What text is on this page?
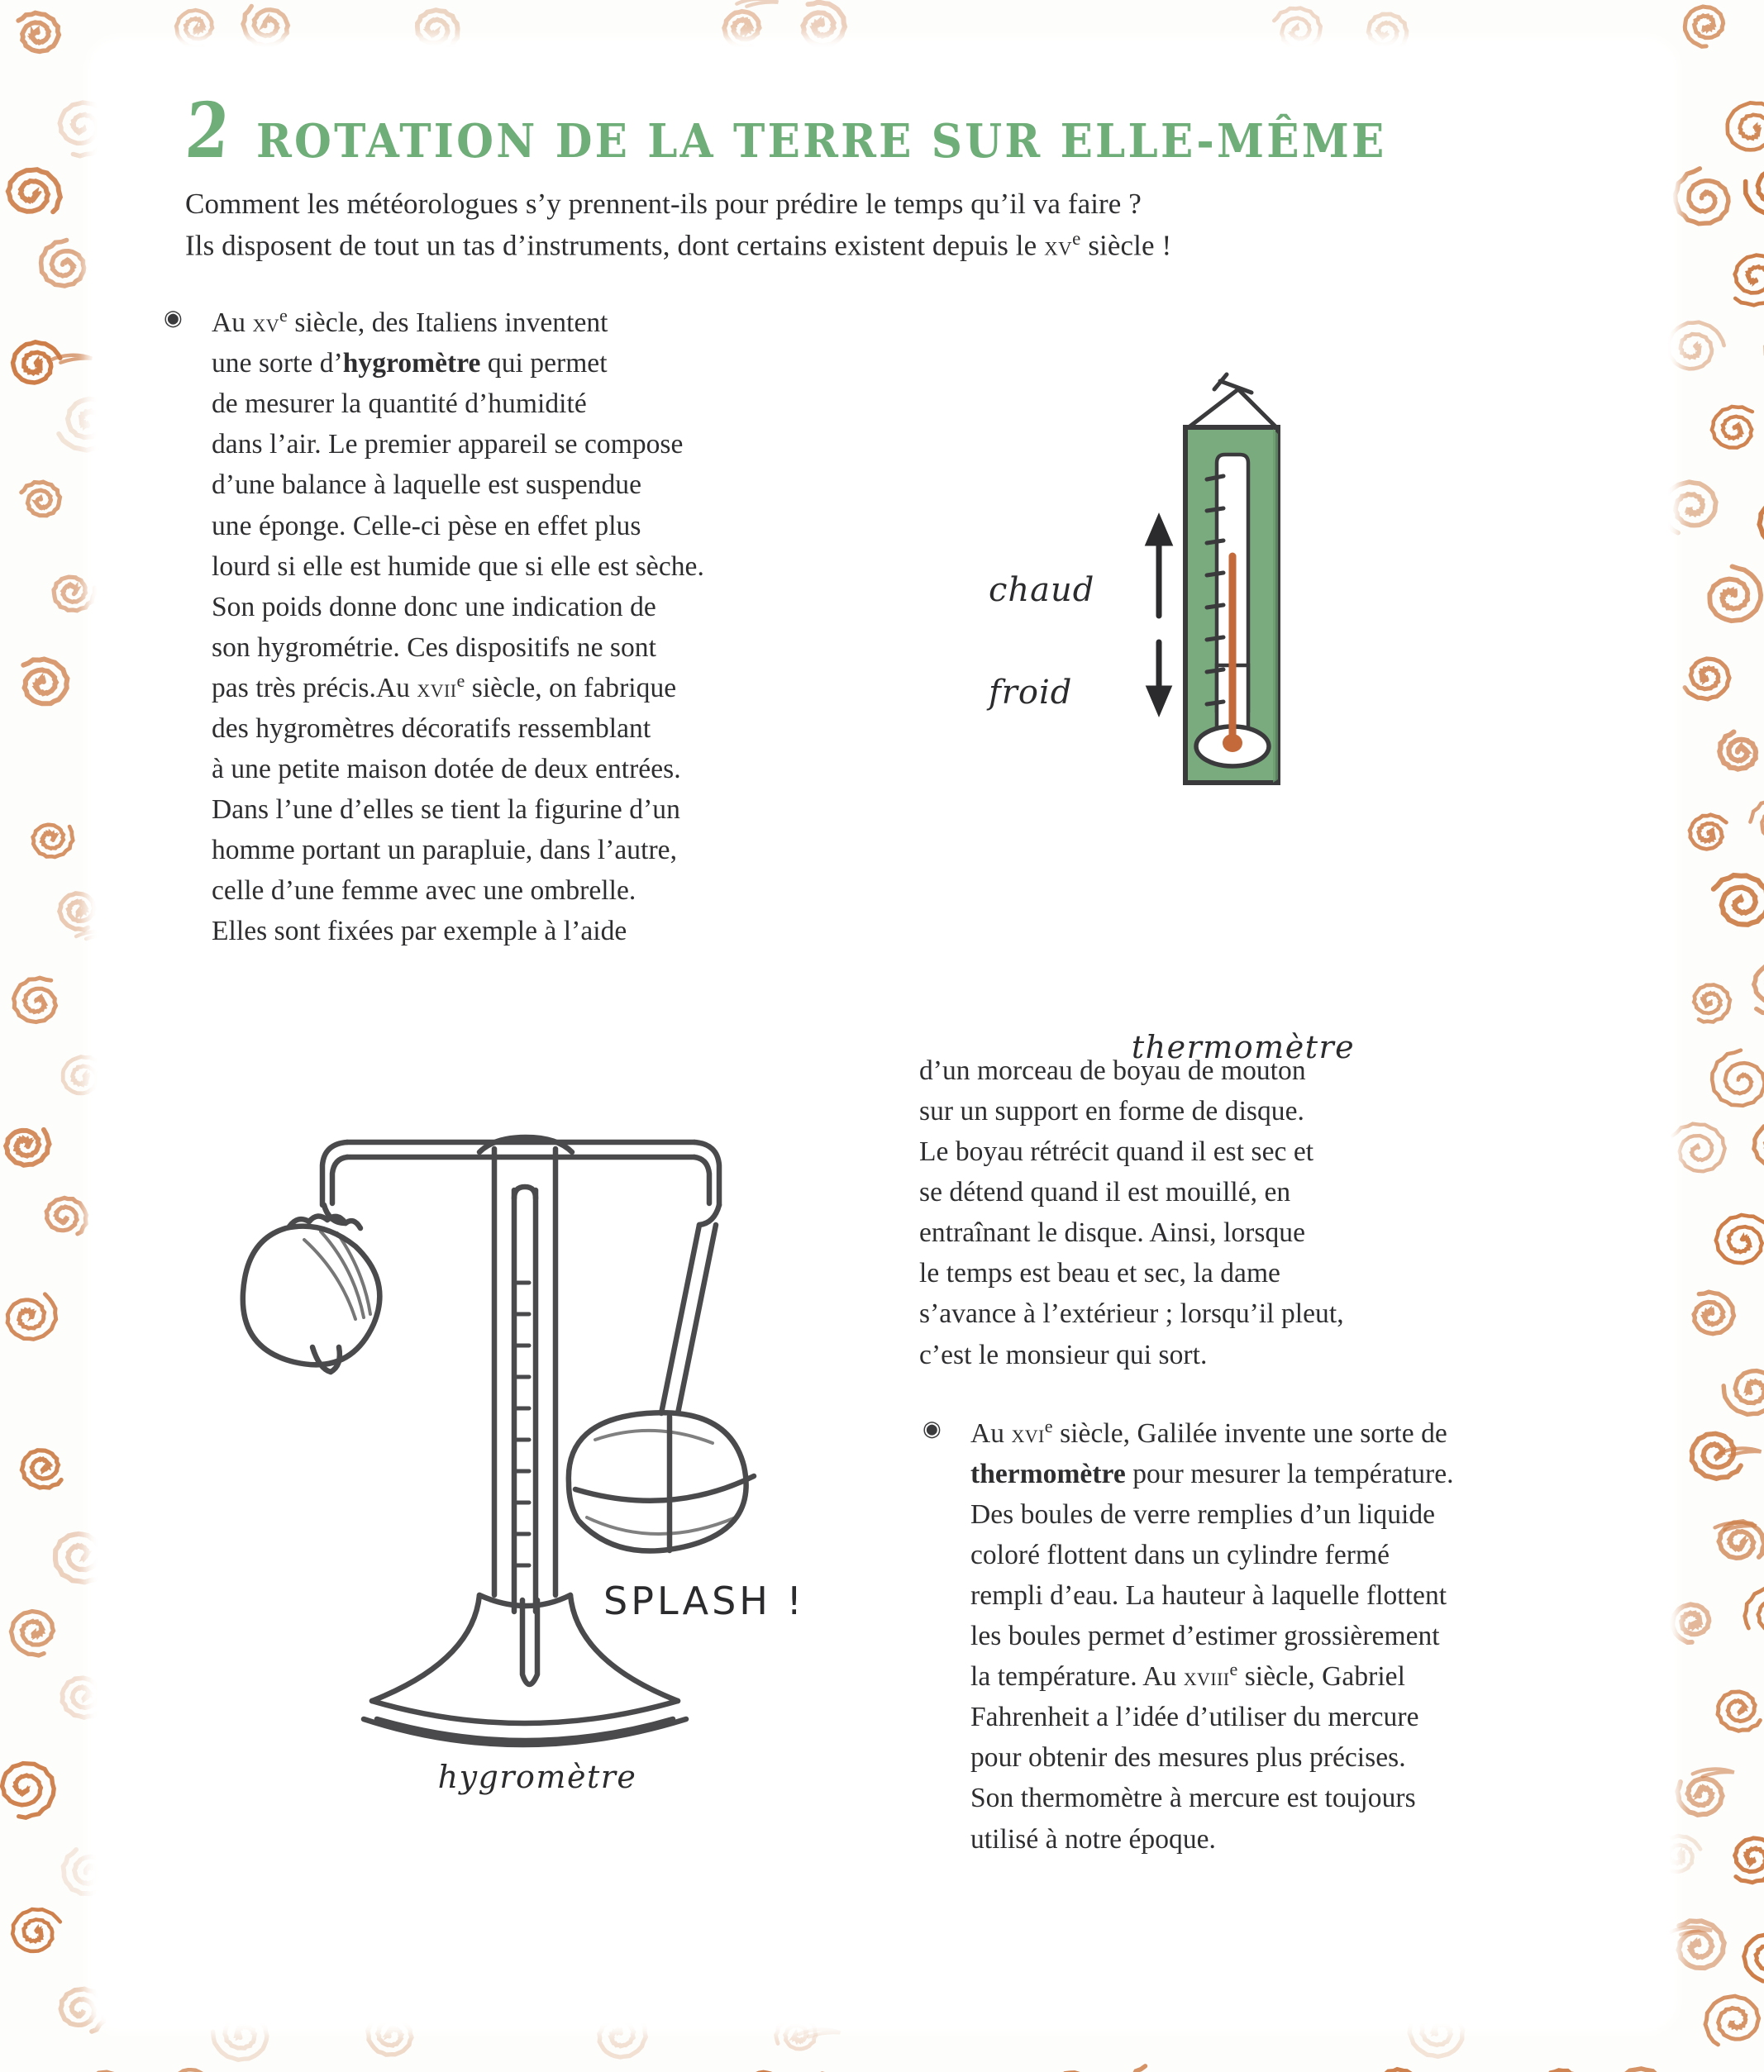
2 ROTATION DE LA TERRE SUR ELLE-MÊME
Comment les météorologues s’y prennent-ils pour prédire le temps qu’il va faire ?
Ils disposent de tout un tas d’instruments, dont certains existent depuis le $xv^e$ siècle !
◉ Au $xv^e$ siècle, des Italiens inventent
une sorte d’hygromètre qui permet
de mesurer la quantité d’humidité
dans l’air. Le premier appareil se compose
d’une balance à laquelle est suspendue
une éponge. Celle-ci pèse en effet plus
lourd si elle est humide que si elle est sèche.
Son poids donne donc une indication de
son hygrométrie. Ces dispositifs ne sont
pas très précis.Au xvii$^e$ siècle, on fabrique
des hygromètres décoratifs ressemblant
à une petite maison dotée de deux entrées.
Dans l’une d’elles se tient la figurine d’un
homme portant un parapluie, dans l’autre,
celle d’une femme avec une ombrelle.
Elles sont fixées par exemple à l’aide
d’un morceau de boyau de mouton
sur un support en forme de disque.
Le boyau rétrécit quand il est sec et
se détend quand il est mouillé, en
entraînant le disque. Ainsi, lorsque
le temps est beau et sec, la dame
s’avance à l’extérieur ; lorsqu’il pleut,
c’est le monsieur qui sort.
◉ Au xvi$^e$ siècle, Galilée invente une sorte de
thermomètre pour mesurer la température.
Des boules de verre remplies d’un liquide
coloré flottent dans un cylindre fermé
rempli d’eau. La hauteur à laquelle flottent
les boules permet d’estimer grossièrement
la température. Au xviii$^e$ siècle, Gabriel
Fahrenheit a l’idée d’utiliser du mercure
pour obtenir des mesures plus précises.
Son thermomètre à mercure est toujours
utilisé à notre époque.
chaud
froid
thermomètre
SPLASH !
hygromètre
